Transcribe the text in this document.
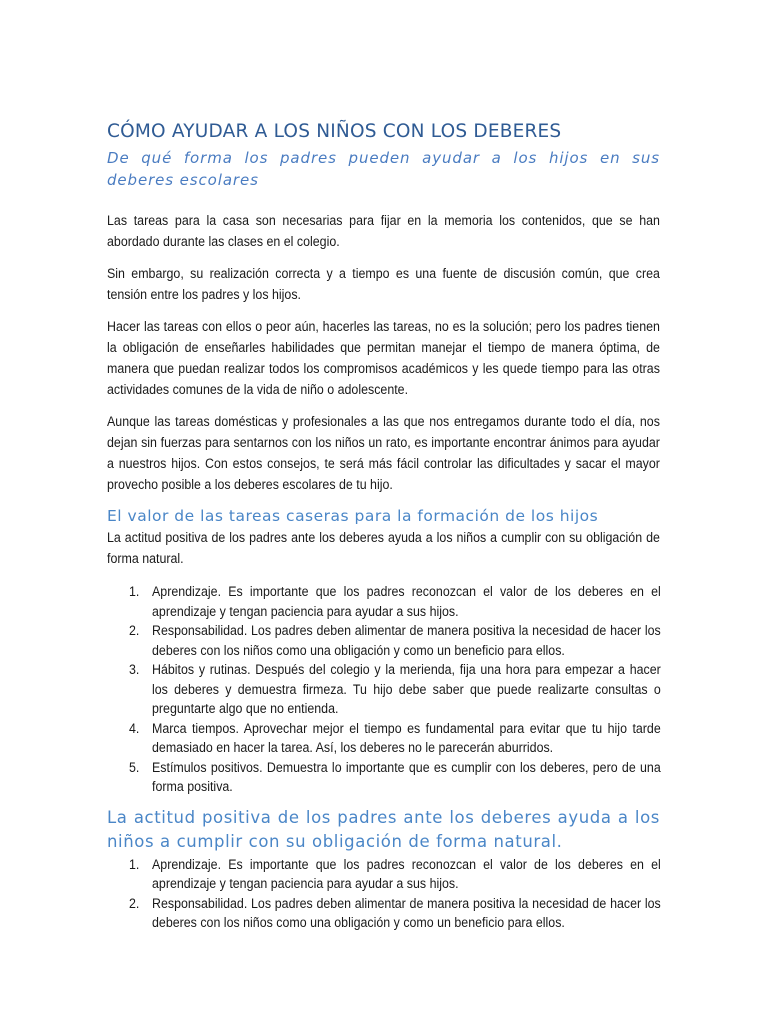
CÓMO AYUDAR A LOS NIÑOS CON LOS DEBERES

De qué forma los padres pueden ayudar a los hijos en sus deberes escolares

Las tareas para la casa son necesarias para fijar en la memoria los contenidos, que se han abordado durante las clases en el colegio.

Sin embargo, su realización correcta y a tiempo es una fuente de discusión común, que crea tensión entre los padres y los hijos.

Hacer las tareas con ellos o peor aún, hacerles las tareas, no es la solución; pero los padres tienen la obligación de enseñarles habilidades que permitan manejar el tiempo de manera óptima, de manera que puedan realizar todos los compromisos académicos y les quede tiempo para las otras actividades comunes de la vida de niño o adolescente.

Aunque las tareas domésticas y profesionales a las que nos entregamos durante todo el día, nos dejan sin fuerzas para sentarnos con los niños un rato, es importante encontrar ánimos para ayudar a nuestros hijos. Con estos consejos, te será más fácil controlar las dificultades y sacar el mayor provecho posible a los deberes escolares de tu hijo.

El valor de las tareas caseras para la formación de los hijos

La actitud positiva de los padres ante los deberes ayuda a los niños a cumplir con su obligación de forma natural.

1. Aprendizaje. Es importante que los padres reconozcan el valor de los deberes en el aprendizaje y tengan paciencia para ayudar a sus hijos.
2. Responsabilidad. Los padres deben alimentar de manera positiva la necesidad de hacer los deberes con los niños como una obligación y como un beneficio para ellos.
3. Hábitos y rutinas. Después del colegio y la merienda, fija una hora para empezar a hacer los deberes y demuestra firmeza. Tu hijo debe saber que puede realizarte consultas o preguntarte algo que no entienda.
4. Marca tiempos. Aprovechar mejor el tiempo es fundamental para evitar que tu hijo tarde demasiado en hacer la tarea. Así, los deberes no le parecerán aburridos.
5. Estímulos positivos. Demuestra lo importante que es cumplir con los deberes, pero de una forma positiva.
La actitud positiva de los padres ante los deberes ayuda a los niños a cumplir con su obligación de forma natural.
1. Aprendizaje. Es importante que los padres reconozcan el valor de los deberes en el aprendizaje y tengan paciencia para ayudar a sus hijos.
2. Responsabilidad. Los padres deben alimentar de manera positiva la necesidad de hacer los deberes con los niños como una obligación y como un beneficio para ellos.
